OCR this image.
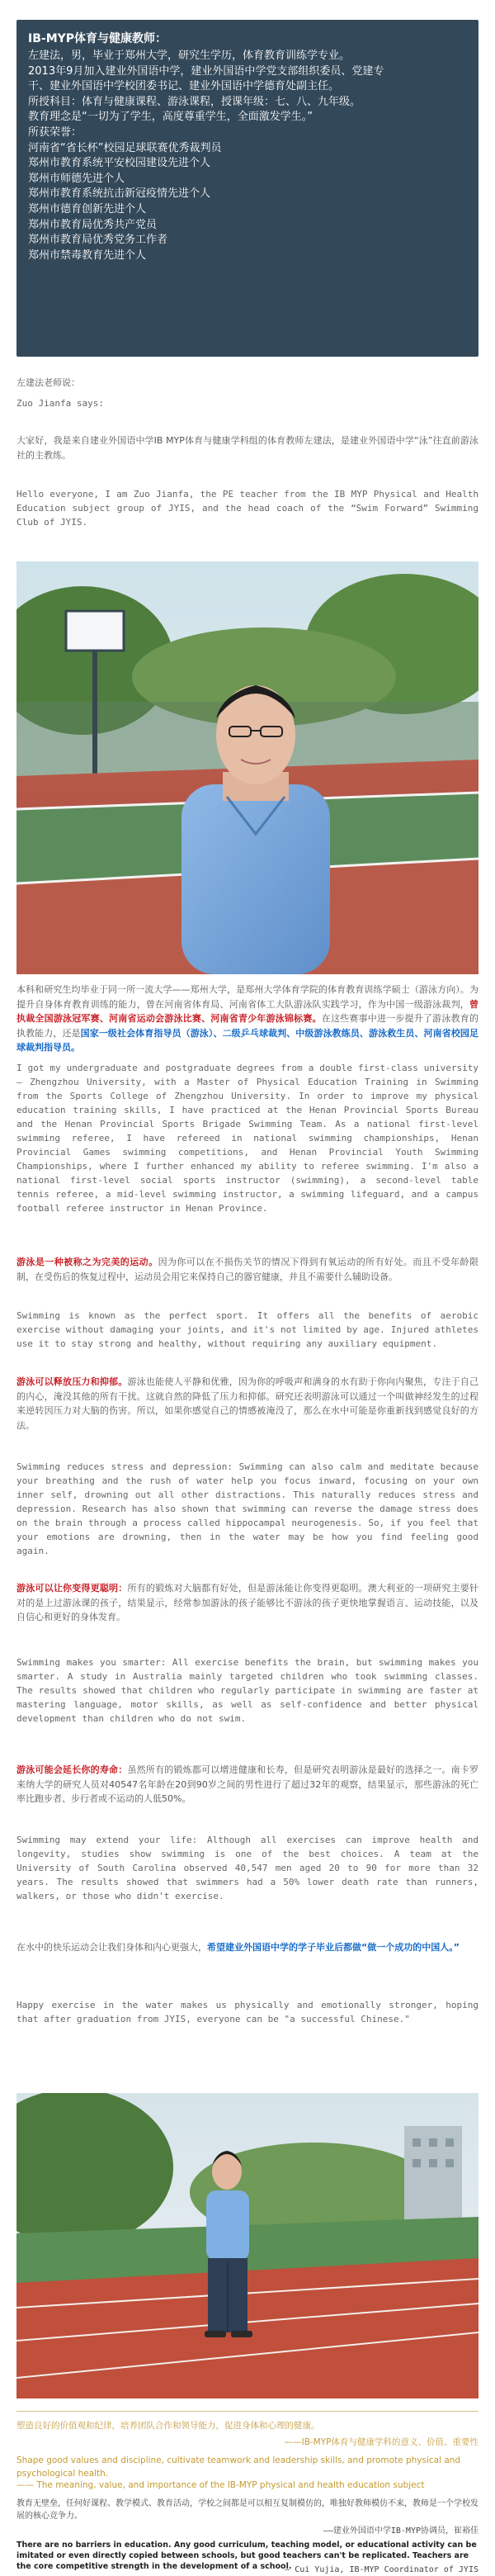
IB-MYP体育与健康教师：

左建法，男，毕业于郑州大学，研究生学历，体育教育训练学专业。

2013年9月加入建业外国语中学，建业外国语中学党支部组织委员、党建专

干、建业外国语中学校团委书记、建业外国语中学德育处副主任。

所授科目：体育与健康课程、游泳课程，授课年级：七、八、九年级。

教育理念是“一切为了学生，高度尊重学生，全面激发学生。”

所获荣誉：

河南省“省长杯”校园足球联赛优秀裁判员

郑州市教育系统平安校园建设先进个人

郑州市师德先进个人

郑州市教育系统抗击新冠疫情先进个人

郑州市德育创新先进个人

郑州市教育局优秀共产党员

郑州市教育局优秀党务工作者

郑州市禁毒教育先进个人

左建法老师说：

Zuo Jianfa says:

大家好，我是来自建业外国语中学IB MYP体育与健康学科组的体育教师左建法，是建业外国语中学“泳”往直前游泳社的主教练。

Hello everyone, I am Zuo Jianfa, the PE teacher from the IB MYP Physical and Health Education subject group of JYIS, and the head coach of the “Swim Forward” Swimming Club of JYIS.

本科和研究生均毕业于同一所一流大学——郑州大学，是郑州大学体育学院的体育教育训练学硕士（游泳方向）。为提升自身体育教育训练的能力，曾在河南省体育局、河南省体工大队游泳队实践学习，作为中国一级游泳裁判，曾执裁全国游泳冠军赛、河南省运动会游泳比赛、河南省青少年游泳锦标赛。在这些赛事中进一步提升了游泳教育的执教能力，还是国家一级社会体育指导员（游泳）、二级乒乓球裁判、中级游泳教练员、游泳救生员、河南省校园足球裁判指导员。

I got my undergraduate and postgraduate degrees from a double first-class university — Zhengzhou University, with a Master of Physical Education Training in Swimming from the Sports College of Zhengzhou University. In order to improve my physical education training skills, I have practiced at the Henan Provincial Sports Bureau and the Henan Provincial Sports Brigade Swimming Team. As a national first-level swimming referee, I have refereed in national swimming championships, Henan Provincial Games swimming competitions, and Henan Provincial Youth Swimming Championships, where I further enhanced my ability to referee swimming. I'm also a national first-level social sports instructor (swimming), a second-level table tennis referee, a mid-level swimming instructor, a swimming lifeguard, and a campus football referee instructor in Henan Province.

游泳是一种被称之为完美的运动。因为你可以在不损伤关节的情况下得到有氧运动的所有好处。而且不受年龄限制，在受伤后的恢复过程中，运动员会用它来保持自己的器官健康，并且不需要什么辅助设备。

Swimming is known as the perfect sport. It offers all the benefits of aerobic exercise without damaging your joints, and it's not limited by age. Injured athletes use it to stay strong and healthy, without requiring any auxiliary equipment.

游泳可以释放压力和抑郁。游泳也能使人平静和优雅，因为你的呼吸声和满身的水有助于你向内聚焦，专注于自己的内心，淹没其他的所有干扰。这就自然的降低了压力和抑郁。研究还表明游泳可以通过一个叫做神经发生的过程来逆转因压力对大脑的伤害。所以，如果你感觉自己的情感被淹没了，那么在水中可能是你重新找到感觉良好的方法。

Swimming reduces stress and depression: Swimming can also calm and meditate because your breathing and the rush of water help you focus inward, focusing on your own inner self, drowning out all other distractions. This naturally reduces stress and depression. Research has also shown that swimming can reverse the damage stress does on the brain through a process called hippocampal neurogenesis. So, if you feel that your emotions are drowning, then in the water may be how you find feeling good again.

游泳可以让你变得更聪明：所有的锻炼对大脑都有好处，但是游泳能让你变得更聪明。澳大利亚的一项研究主要针对的是上过游泳课的孩子，结果显示，经常参加游泳的孩子能够比不游泳的孩子更快地掌握语言、运动技能，以及自信心和更好的身体发育。

Swimming makes you smarter: All exercise benefits the brain, but swimming makes you smarter. A study in Australia mainly targeted children who took swimming classes. The results showed that children who regularly participate in swimming are faster at mastering language, motor skills, as well as self-confidence and better physical development than children who do not swim.

游泳可能会延长你的寿命：虽然所有的锻炼都可以增进健康和长寿，但是研究表明游泳是最好的选择之一。南卡罗来纳大学的研究人员对40547名年龄在20到90岁之间的男性进行了超过32年的观察，结果显示，那些游泳的死亡率比跑步者、步行者或不运动的人低50%。

Swimming may extend your life: Although all exercises can improve health and longevity, studies show swimming is one of the best choices. A team at the University of South Carolina observed 40,547 men aged 20 to 90 for more than 32 years. The results showed that swimmers had a 50% lower death rate than runners, walkers, or those who didn't exercise.

在水中的快乐运动会让我们身体和内心更强大，希望建业外国语中学的学子毕业后都做“做一个成功的中国人。”

Happy exercise in the water makes us physically and emotionally stronger, hoping that after graduation from JYIS, everyone can be "a successful Chinese."

塑造良好的价值观和纪律，培养团队合作和领导能力，促进身体和心理的健康。

——IB-MYP体育与健康学科的意义、价值、重要性

Shape good values and discipline, cultivate teamwork and leadership skills, and promote physical and psychological health.

—— The meaning, value, and importance of the IB-MYP physical and health education subject

教育无壁垒，任何好课程、教学模式、教育活动，学校之间都是可以相互复制模仿的，唯独好教师模仿不来，教师是一个学校发展的核心竞争力。

——建业外国语中学IB-MYP协调员，崔裕佳

There are no barriers in education. Any good curriculum, teaching model, or educational activity can be imitated or even directly copied between schools, but good teachers can't be replicated. Teachers are the core competitive strength in the development of a school.

— Cui Yujia, IB-MYP Coordinator of JYIS
